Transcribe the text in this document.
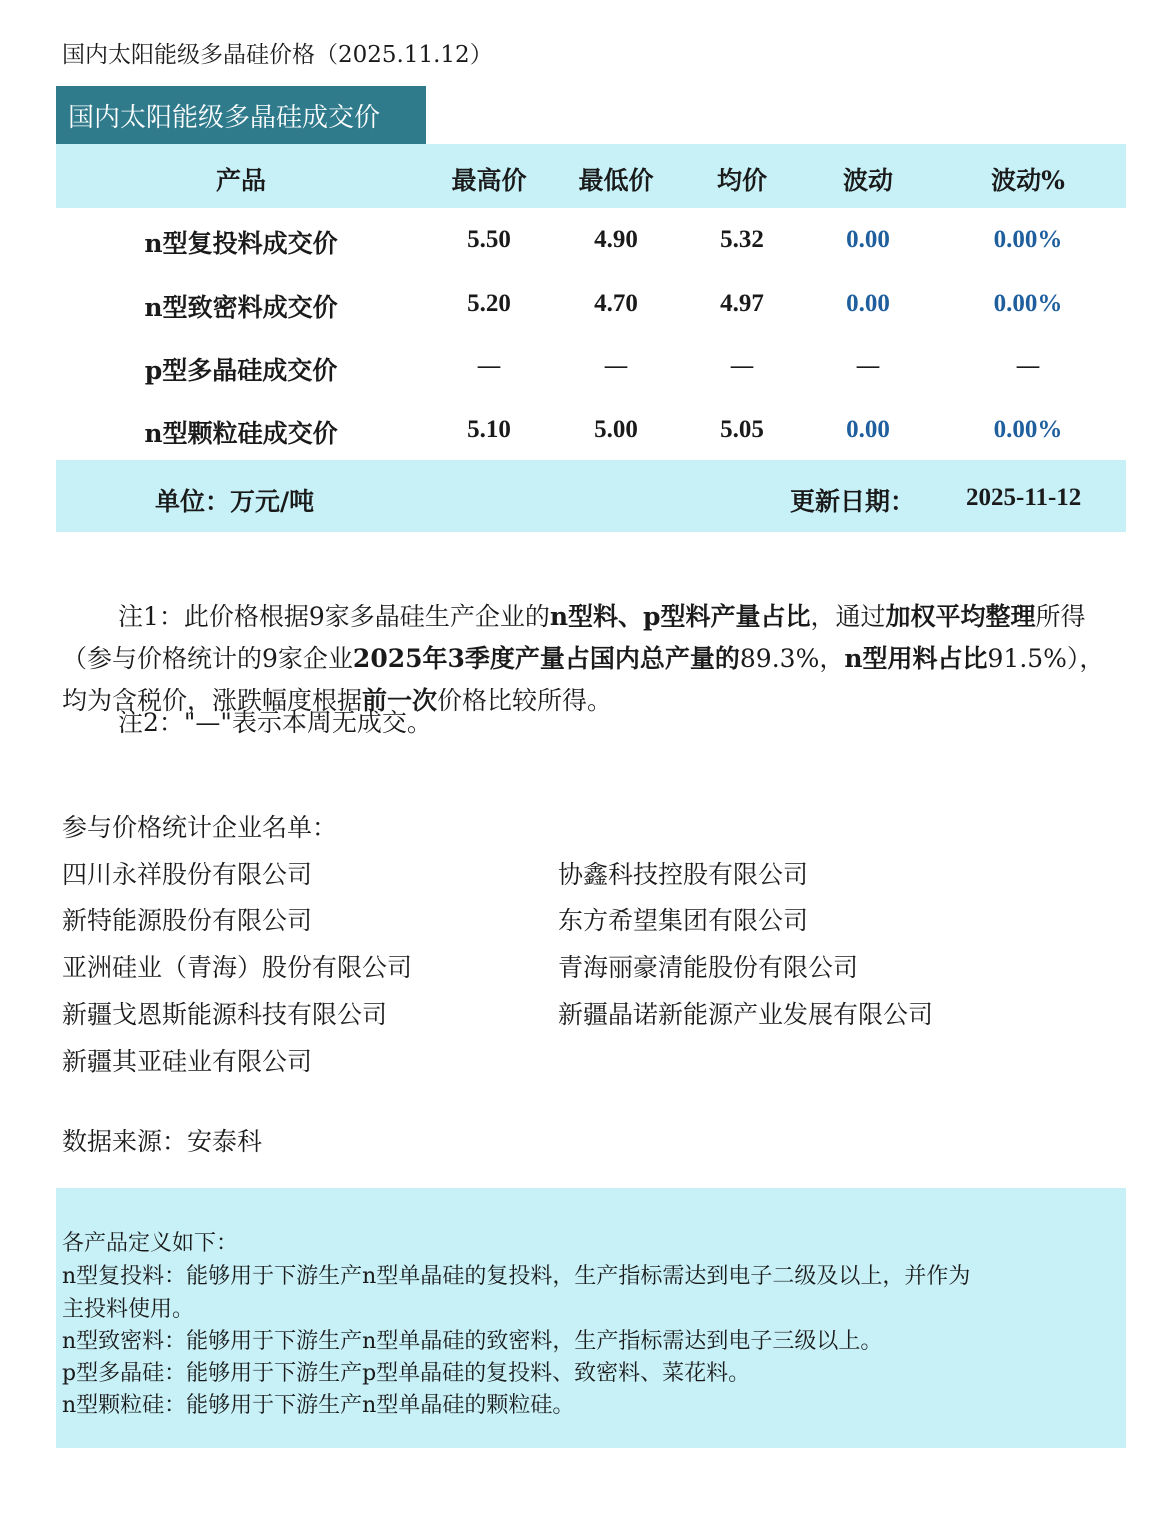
国内太阳能级多晶硅价格（2025.11.12）
国内太阳能级多晶硅成交价
产品	最高价 最低价	均价	波动	波动%
n型复投料成交价	5.50	4.90	5.32	0.00	0.00%
n型致密料成交价	5.20	4.70	4.97	0.00	0.00%
p型多晶硅成交价	—	—	—	—	—
n型颗粒硅成交价	5.10	5.00	5.05	0.00	0.00%
单位：万元/吨	更新日期： 2025-11-12
注1：此价格根据9家多晶硅生产企业的n型料、p型料产量占比，通过加权平均整理所得（参与价格统计的9家企业2025年3季度产量占国内总产量的89.3%，n型用料占比91.5%），均为含税价，涨跌幅度根据前一次价格比较所得。
注2："—"表示本周无成交。
参与价格统计企业名单：
四川永祥股份有限公司
新特能源股份有限公司
亚洲硅业（青海）股份有限公司
新疆戈恩斯能源科技有限公司
新疆其亚硅业有限公司
协鑫科技控股有限公司
东方希望集团有限公司
青海丽豪清能股份有限公司
新疆晶诺新能源产业发展有限公司
数据来源：安泰科
各产品定义如下：
n型复投料：能够用于下游生产n型单晶硅的复投料，生产指标需达到电子二级及以上，并作为
主投料使用。
n型致密料：能够用于下游生产n型单晶硅的致密料，生产指标需达到电子三级以上。
p型多晶硅：能够用于下游生产p型单晶硅的复投料、致密料、菜花料。
n型颗粒硅：能够用于下游生产n型单晶硅的颗粒硅。
